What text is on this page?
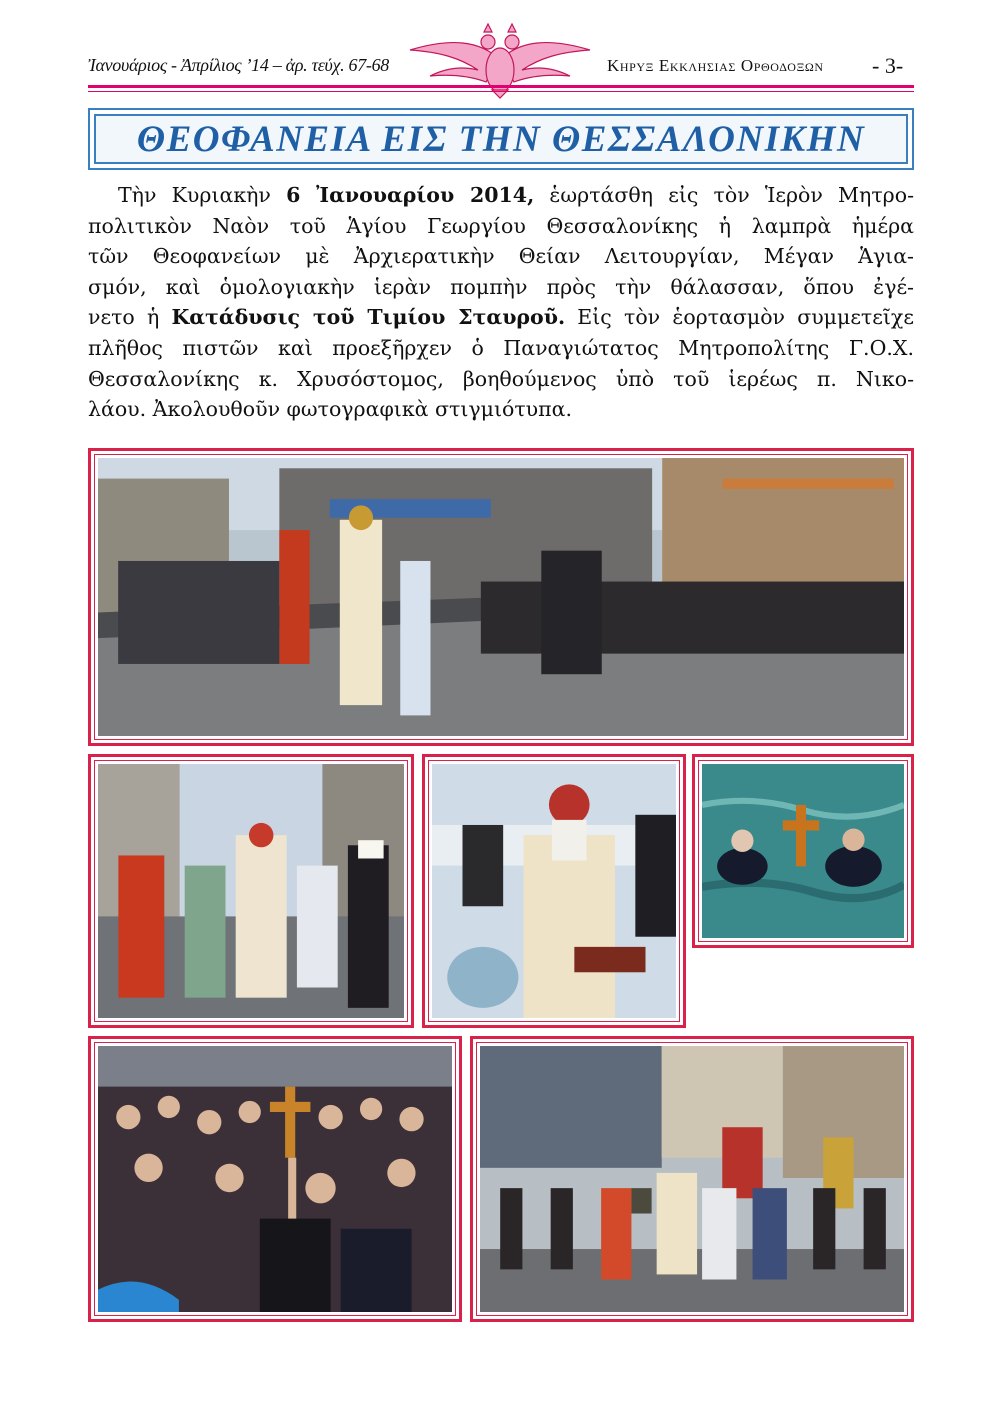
Ἰανουάριος - Ἀπρίλιος ’14 – ἀρ. τεύχ. 67-68	Κηρυξ Εκκλησιας Ορθοδοξων - 3-
ΘΕΟΦΑΝΕΙΑ ΕΙΣ ΤΗΝ ΘΕΣΣΑΛΟΝΙΚΗΝ
Τὴν Κυριακὴν 6 Ἰανουαρίου 2014, ἑωρτάσθη εἰς τὸν Ἱερὸν Μητρο-
πολιτικὸν Ναὸν τοῦ Ἁγίου Γεωργίου Θεσσαλονίκης ἡ λαμπρὰ ἡμέρα
τῶν Θεοφανείων μὲ Ἀρχιερατικὴν Θείαν Λειτουργίαν, Μέγαν Ἁγια-
σμόν, καὶ ὁμολογιακὴν ἱερὰν πομπὴν πρὸς τὴν θάλασσαν, ὅπου ἐγέ-
νετο ἡ Κατάδυσις τοῦ Τιμίου Σταυροῦ. Εἰς τὸν ἑορτασμὸν συμμετεῖχε
πλῆθος πιστῶν καὶ προεξῆρχεν ὁ Παναγιώτατος Μητροπολίτης Γ.Ο.Χ.
Θεσσαλονίκης κ. Χρυσόστομος, βοηθούμενος ὑπὸ τοῦ ἱερέως π. Νικο-
λάου. Ἀκολουθοῦν φωτογραφικὰ στιγμιότυπα.
